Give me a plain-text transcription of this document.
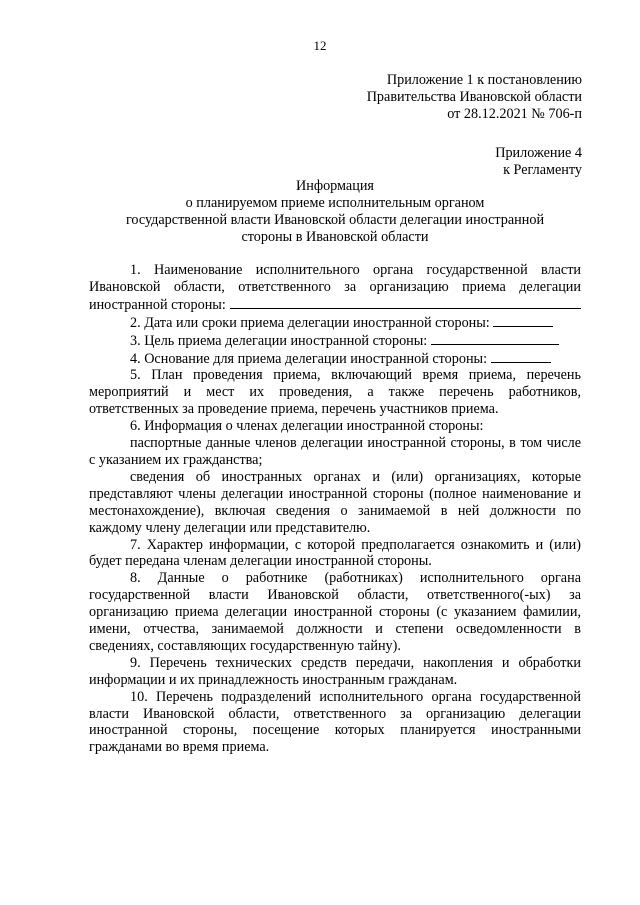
12
Приложение 1 к постановлению
Правительства Ивановской области
от 28.12.2021 № 706-п
Приложение 4
к Регламенту
Информация
о планируемом приеме исполнительным органом
государственной власти Ивановской области делегации иностранной
стороны в Ивановской области
1. Наименование исполнительного органа государственной власти
Ивановской области, ответственного за организацию приема делегации
иностранной стороны:
2. Дата или сроки приема делегации иностранной стороны:
3. Цель приема делегации иностранной стороны:
4. Основание для приема делегации иностранной стороны:

5. План проведения приема, включающий время приема, перечень мероприятий и мест их проведения, а также перечень работников, ответственных за проведение приема, перечень участников приема.

6. Информация о членах делегации иностранной стороны:

паспортные данные членов делегации иностранной стороны, в том числе с указанием их гражданства;

сведения об иностранных органах и (или) организациях, которые представляют члены делегации иностранной стороны (полное наименование и местонахождение), включая сведения о занимаемой в ней должности по каждому члену делегации или представителю.

7. Характер информации, с которой предполагается ознакомить и (или) будет передана членам делегации иностранной стороны.

8. Данные о работнике (работниках) исполнительного органа государственной власти Ивановской области, ответственного(-ых) за организацию приема делегации иностранной стороны (с указанием фамилии, имени, отчества, занимаемой должности и степени осведомленности в сведениях, составляющих государственную тайну).

9. Перечень технических средств передачи, накопления и обработки информации и их принадлежность иностранным гражданам.

10. Перечень подразделений исполнительного органа государственной власти Ивановской области, ответственного за организацию делегации иностранной стороны, посещение которых планируется иностранными гражданами во время приема.
